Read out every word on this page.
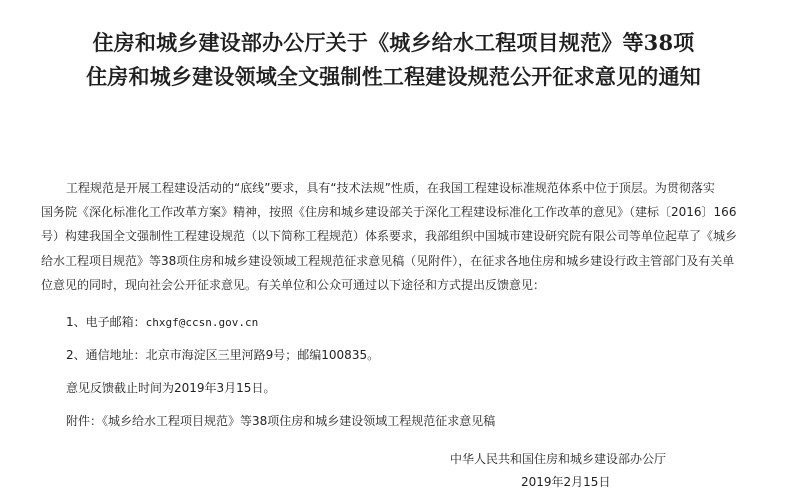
住房和城乡建设部办公厅关于《城乡给水工程项目规范》等38项
住房和城乡建设领域全文强制性工程建设规范公开征求意见的通知
工程规范是开展工程建设活动的“底线”要求，具有“技术法规”性质，在我国工程建设标准规范体系中位于顶层。为贯彻落实
国务院《深化标准化工作改革方案》精神，按照《住房和城乡建设部关于深化工程建设标准化工作改革的意见》（建标〔2016〕166
号）构建我国全文强制性工程建设规范（以下简称工程规范）体系要求，我部组织中国城市建设研究院有限公司等单位起草了《城乡
给水工程项目规范》等38项住房和城乡建设领域工程规范征求意见稿（见附件），在征求各地住房和城乡建设行政主管部门及有关单
位意见的同时，现向社会公开征求意见。有关单位和公众可通过以下途径和方式提出反馈意见：
1、电子邮箱：chxgf@ccsn.gov.cn
2、通信地址：北京市海淀区三里河路9号；邮编100835。
意见反馈截止时间为2019年3月15日。
附件：《城乡给水工程项目规范》等38项住房和城乡建设领域工程规范征求意见稿
中华人民共和国住房和城乡建设部办公厅
2019年2月15日
